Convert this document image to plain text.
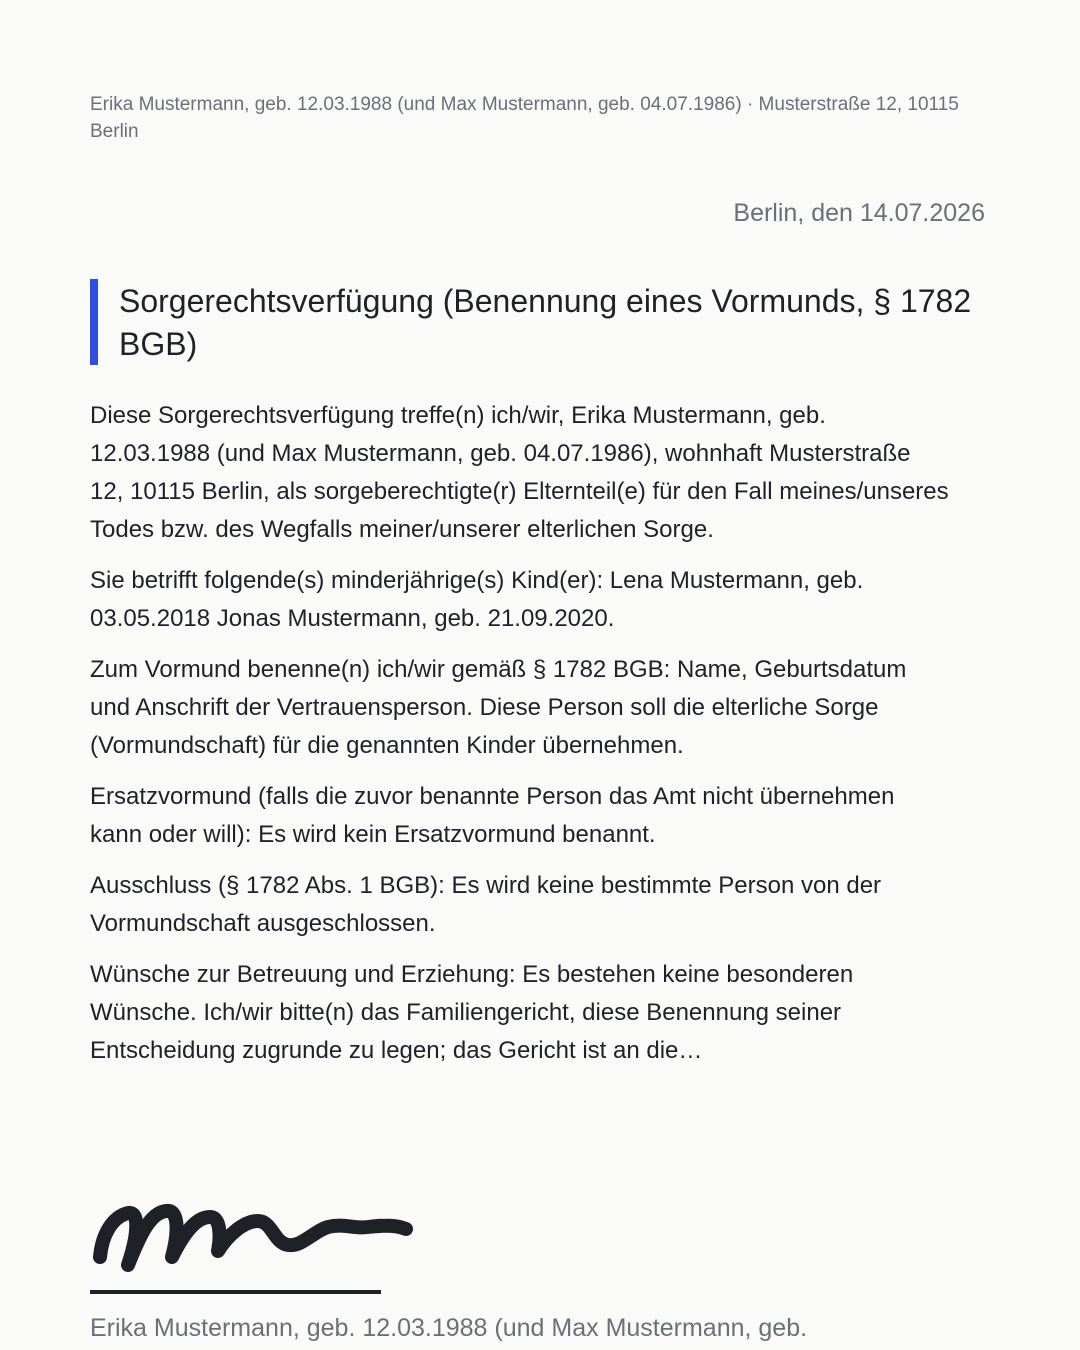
Erika Mustermann, geb. 12.03.1988 (und Max Mustermann, geb. 04.07.1986) · Musterstraße 12, 10115 Berlin
Berlin, den 14.07.2026
Sorgerechtsverfügung (Benennung eines Vormunds, § 1782 BGB)

Diese Sorgerechtsverfügung treffe(n) ich/wir, Erika Mustermann, geb. 12.03.1988 (und Max Mustermann, geb. 04.07.1986), wohnhaft Musterstraße 12, 10115 Berlin, als sorgeberechtigte(r) Elternteil(e) für den Fall meines/unseres Todes bzw. des Wegfalls meiner/unserer elterlichen Sorge.

Sie betrifft folgende(s) minderjährige(s) Kind(er): Lena Mustermann, geb. 03.05.2018 Jonas Mustermann, geb. 21.09.2020.

Zum Vormund benenne(n) ich/wir gemäß § 1782 BGB: Name, Geburtsdatum und Anschrift der Vertrauensperson. Diese Person soll die elterliche Sorge (Vormundschaft) für die genannten Kinder übernehmen.

Ersatzvormund (falls die zuvor benannte Person das Amt nicht übernehmen kann oder will): Es wird kein Ersatzvormund benannt.

Ausschluss (§ 1782 Abs. 1 BGB): Es wird keine bestimmte Person von der Vormundschaft ausgeschlossen.

Wünsche zur Betreuung und Erziehung: Es bestehen keine besonderen Wünsche. Ich/wir bitte(n) das Familiengericht, diese Benennung seiner Entscheidung zugrunde zu legen; das Gericht ist an die…

Erika Mustermann, geb. 12.03.1988 (und Max Mustermann, geb.
